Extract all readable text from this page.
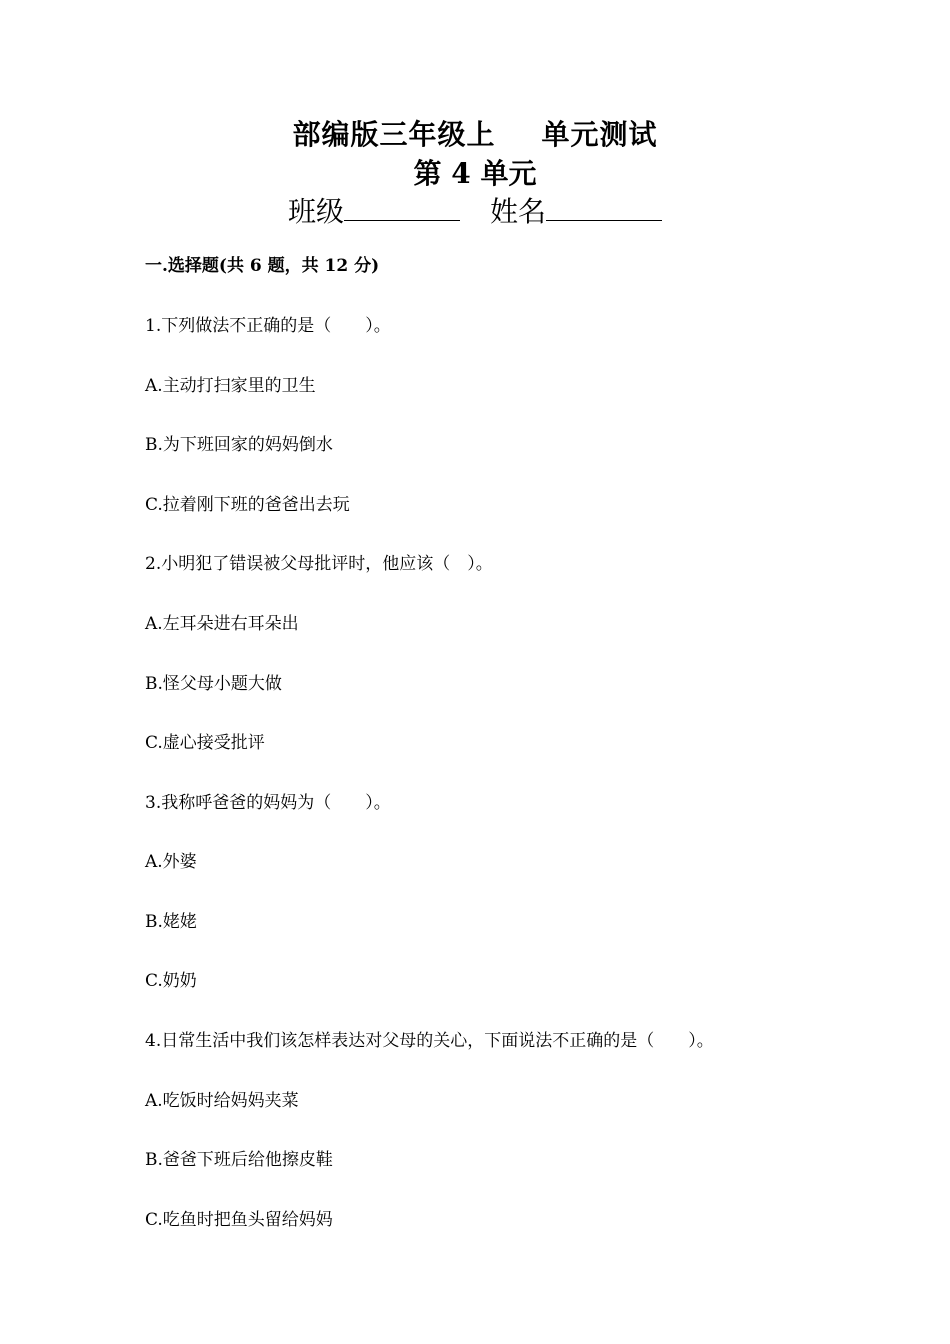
部编版三年级上 单元测试
第 4 单元
班级	姓名
一.选择题(共 6 题，共 12 分)
1.下列做法不正确的是（　　）。
A.主动打扫家里的卫生
B.为下班回家的妈妈倒水
C.拉着刚下班的爸爸出去玩
2.小明犯了错误被父母批评时，他应该（　）。
A.左耳朵进右耳朵出
B.怪父母小题大做
C.虚心接受批评
3.我称呼爸爸的妈妈为（　　）。
A.外婆
B.姥姥
C.奶奶
4.日常生活中我们该怎样表达对父母的关心，下面说法不正确的是（　　）。
A.吃饭时给妈妈夹菜
B.爸爸下班后给他擦皮鞋
C.吃鱼时把鱼头留给妈妈
